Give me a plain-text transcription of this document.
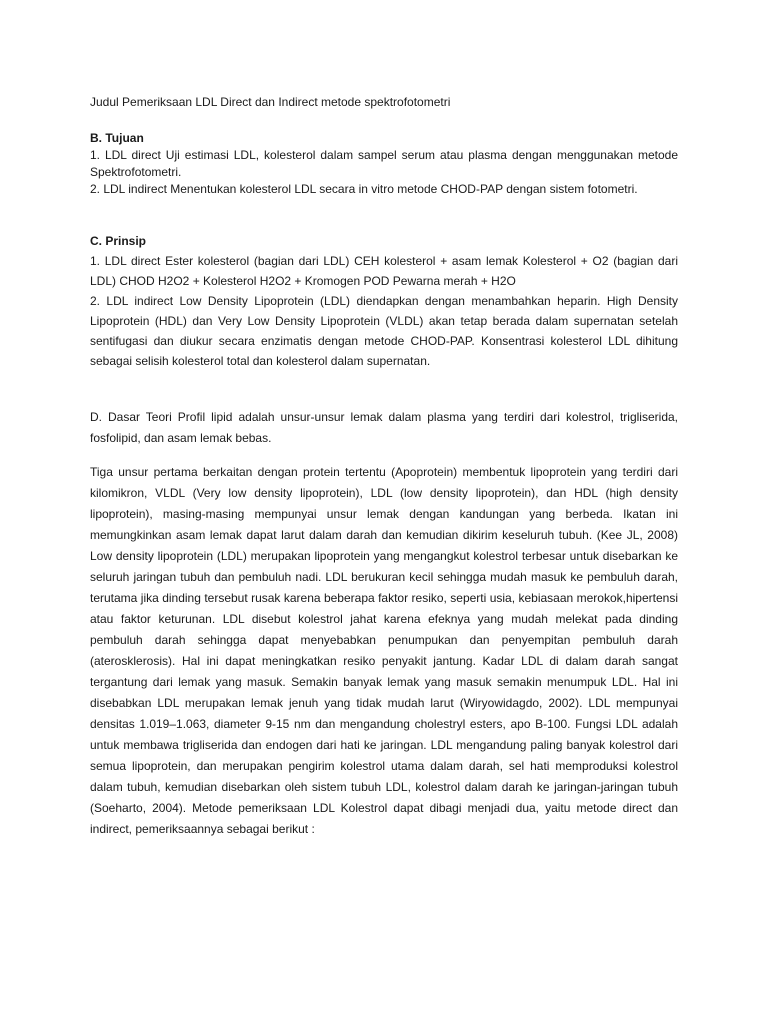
Judul Pemeriksaan LDL Direct dan Indirect metode spektrofotometri

B. Tujuan

1. LDL direct Uji estimasi LDL, kolesterol dalam sampel serum atau plasma dengan menggunakan metode Spektrofotometri.

2. LDL indirect Menentukan kolesterol LDL secara in vitro metode CHOD-PAP dengan sistem fotometri.

C. Prinsip

1. LDL direct Ester kolesterol (bagian dari LDL) CEH kolesterol + asam lemak Kolesterol + O2 (bagian dari LDL) CHOD H2O2 + Kolesterol H2O2 + Kromogen POD Pewarna merah + H2O

2. LDL indirect Low Density Lipoprotein (LDL) diendapkan dengan menambahkan heparin. High Density Lipoprotein (HDL) dan Very Low Density Lipoprotein (VLDL) akan tetap berada dalam supernatan setelah sentifugasi dan diukur secara enzimatis dengan metode CHOD-PAP. Konsentrasi kolesterol LDL dihitung sebagai selisih kolesterol total dan kolesterol dalam supernatan.

D. Dasar Teori Profil lipid adalah unsur-unsur lemak dalam plasma yang terdiri dari kolestrol, trigliserida, fosfolipid, dan asam lemak bebas.

Tiga unsur pertama berkaitan dengan protein tertentu (Apoprotein) membentuk lipoprotein yang terdiri dari kilomikron, VLDL (Very low density lipoprotein), LDL (low density lipoprotein), dan HDL (high density lipoprotein), masing-masing mempunyai unsur lemak dengan kandungan yang berbeda. Ikatan ini memungkinkan asam lemak dapat larut dalam darah dan kemudian dikirim keseluruh tubuh. (Kee JL, 2008) Low density lipoprotein (LDL) merupakan lipoprotein yang mengangkut kolestrol terbesar untuk disebarkan ke seluruh jaringan tubuh dan pembuluh nadi. LDL berukuran kecil sehingga mudah masuk ke pembuluh darah, terutama jika dinding tersebut rusak karena beberapa faktor resiko, seperti usia, kebiasaan merokok,hipertensi atau faktor keturunan. LDL disebut kolestrol jahat karena efeknya yang mudah melekat pada dinding pembuluh darah sehingga dapat menyebabkan penumpukan dan penyempitan pembuluh darah (aterosklerosis). Hal ini dapat meningkatkan resiko penyakit jantung. Kadar LDL di dalam darah sangat tergantung dari lemak yang masuk. Semakin banyak lemak yang masuk semakin menumpuk LDL. Hal ini disebabkan LDL merupakan lemak jenuh yang tidak mudah larut (Wiryowidagdo, 2002). LDL mempunyai densitas 1.019–1.063, diameter 9-15 nm dan mengandung cholestryl esters, apo B-100. Fungsi LDL adalah untuk membawa trigliserida dan endogen dari hati ke jaringan. LDL mengandung paling banyak kolestrol dari semua lipoprotein, dan merupakan pengirim kolestrol utama dalam darah, sel hati memproduksi kolestrol dalam tubuh, kemudian disebarkan oleh sistem tubuh LDL, kolestrol dalam darah ke jaringan-jaringan tubuh (Soeharto, 2004). Metode pemeriksaan LDL Kolestrol dapat dibagi menjadi dua, yaitu metode direct dan indirect, pemeriksaannya sebagai berikut :
